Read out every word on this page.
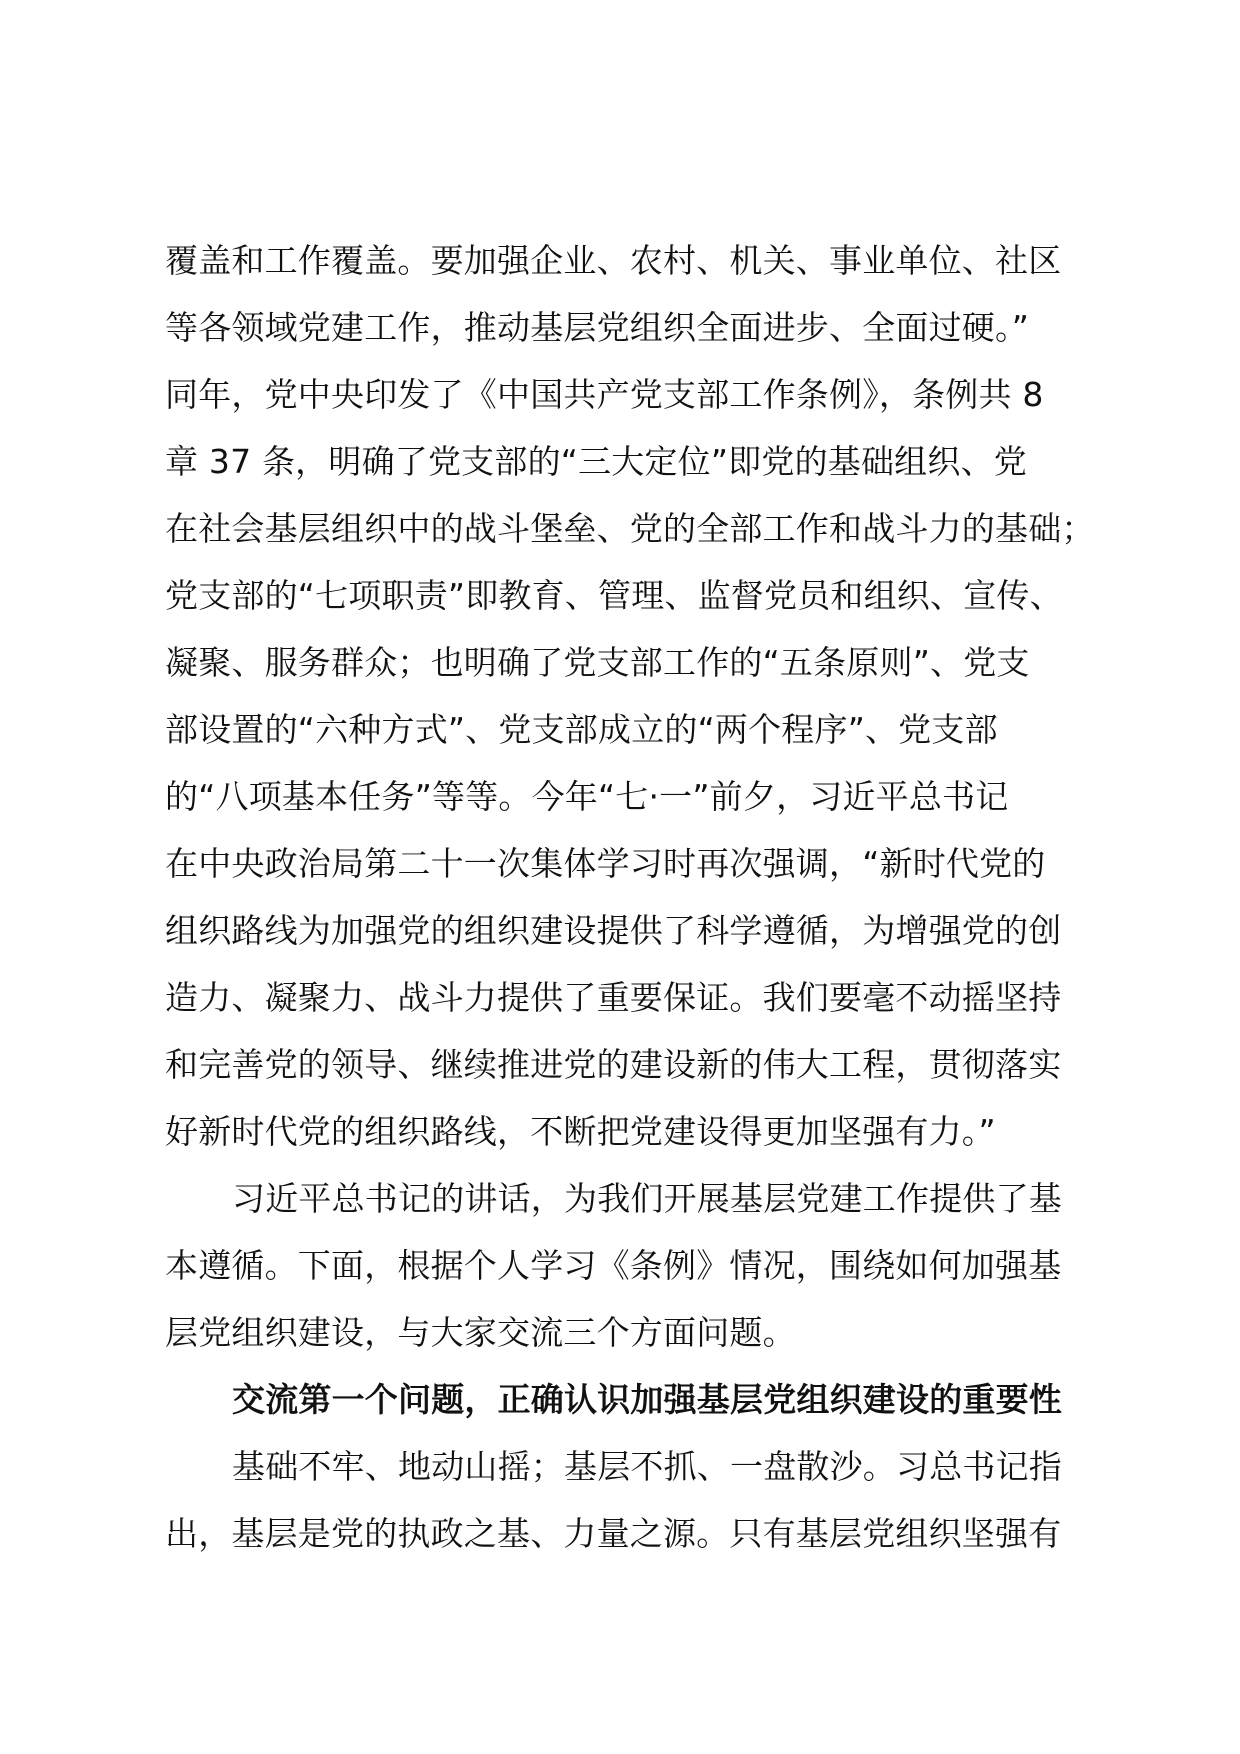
覆盖和工作覆盖。要加强企业、农村、机关、事业单位、社区
等各领域党建工作，推动基层党组织全面进步、全面过硬。”
同年，党中央印发了《中国共产党支部工作条例》，条例共 8
章 37 条，明确了党支部的“三大定位”即党的基础组织、党
在社会基层组织中的战斗堡垒、党的全部工作和战斗力的基础；
党支部的“七项职责”即教育、管理、监督党员和组织、宣传、
凝聚、服务群众；也明确了党支部工作的“五条原则”、党支
部设置的“六种方式”、党支部成立的“两个程序”、党支部
的“八项基本任务”等等。今年“七·一”前夕，习近平总书记
在中央政治局第二十一次集体学习时再次强调，“新时代党的
组织路线为加强党的组织建设提供了科学遵循，为增强党的创
造力、凝聚力、战斗力提供了重要保证。我们要毫不动摇坚持
和完善党的领导、继续推进党的建设新的伟大工程，贯彻落实
好新时代党的组织路线，不断把党建设得更加坚强有力。”
习近平总书记的讲话，为我们开展基层党建工作提供了基
本遵循。下面，根据个人学习《条例》情况，围绕如何加强基
层党组织建设，与大家交流三个方面问题。
交流第一个问题，正确认识加强基层党组织建设的重要性
基础不牢、地动山摇；基层不抓、一盘散沙。习总书记指
出，基层是党的执政之基、力量之源。只有基层党组织坚强有
